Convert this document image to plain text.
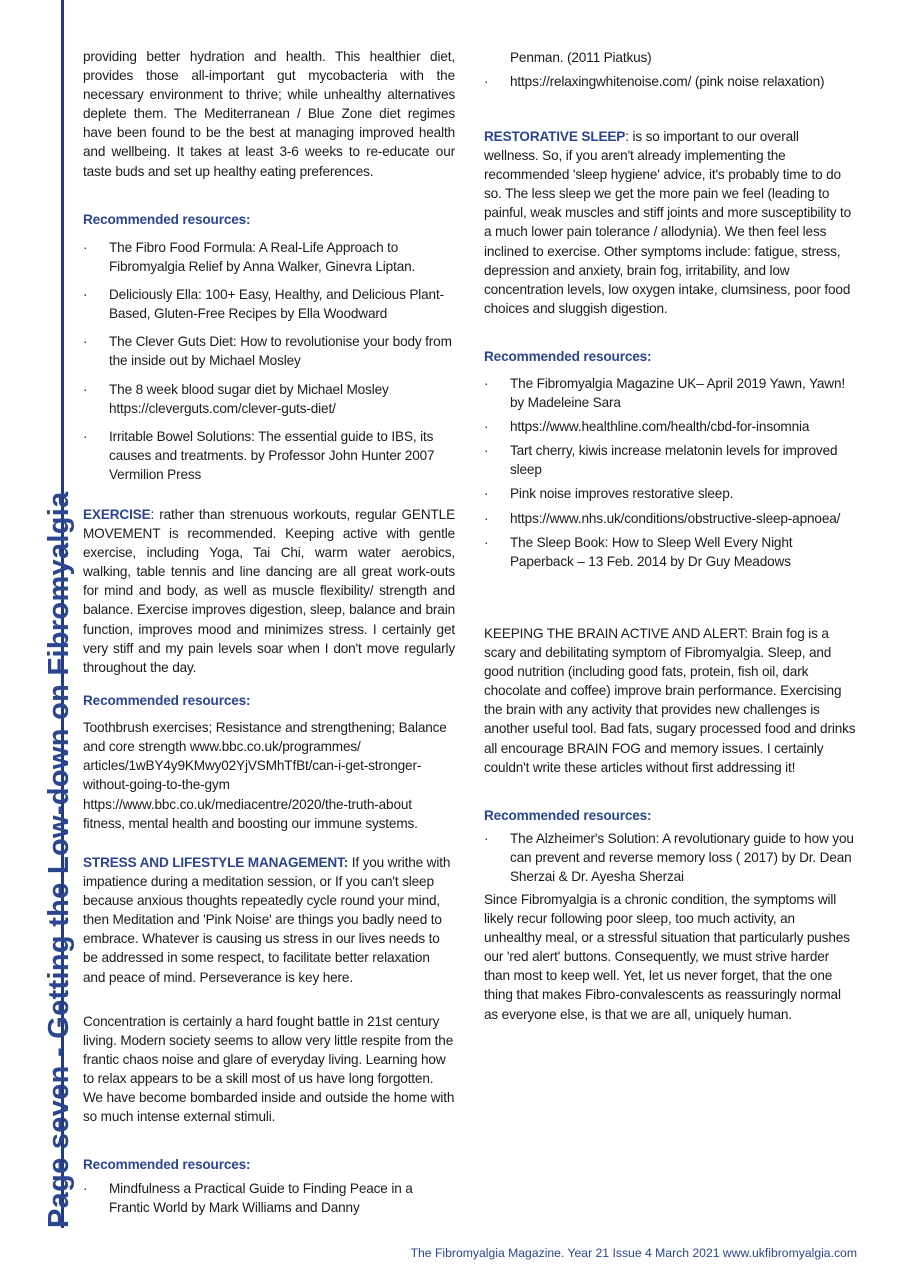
Page seven - Getting the Low-down on Fibromyalgia

providing better hydration and health. This healthier diet, provides those all-important gut mycobacteria with the necessary environment to thrive; while unhealthy alternatives deplete them. The Mediterranean / Blue Zone diet regimes have been found to be the best at managing improved health and wellbeing. It takes at least 3-6 weeks to re-educate our taste buds and set up healthy eating preferences.

Recommended resources:
· The Fibro Food Formula: A Real-Life Approach to Fibromyalgia Relief by Anna Walker, Ginevra Liptan.
· Deliciously Ella: 100+ Easy, Healthy, and Delicious Plant-Based, Gluten-Free Recipes by Ella Woodward
· The Clever Guts Diet: How to revolutionise your body from the inside out by Michael Mosley
· The 8 week blood sugar diet by Michael Mosley https://cleverguts.com/clever-guts-diet/
· Irritable Bowel Solutions: The essential guide to IBS, its causes and treatments. by Professor John Hunter 2007 Vermilion Press

EXERCISE: rather than strenuous workouts, regular GENTLE MOVEMENT is recommended. Keeping active with gentle exercise, including Yoga, Tai Chi, warm water aerobics, walking, table tennis and line dancing are all great work-outs for mind and body, as well as muscle flexibility/ strength and balance. Exercise improves digestion, sleep, balance and brain function, improves mood and minimizes stress. I certainly get very stiff and my pain levels soar when I don't move regularly throughout the day.

Recommended resources:

Toothbrush exercises; Resistance and strengthening; Balance and core strength www.bbc.co.uk/programmes/ articles/1wBY4y9KMwy02YjVSMhTfBt/can-i-get-stronger-without-going-to-the-gym

https://www.bbc.co.uk/mediacentre/2020/the-truth-about fitness, mental health and boosting our immune systems.

STRESS AND LIFESTYLE MANAGEMENT: If you writhe with impatience during a meditation session, or If you can't sleep because anxious thoughts repeatedly cycle round your mind, then Meditation and 'Pink Noise' are things you badly need to embrace. Whatever is causing us stress in our lives needs to be addressed in some respect, to facilitate better relaxation and peace of mind. Perseverance is key here.

Concentration is certainly a hard fought battle in 21st century living. Modern society seems to allow very little respite from the frantic chaos noise and glare of everyday living. Learning how to relax appears to be a skill most of us have long forgotten. We have become bombarded inside and outside the home with so much intense external stimuli.

Recommended resources:
· Mindfulness a Practical Guide to Finding Peace in a Frantic World by Mark Williams and Danny
Penman. (2011 Piatkus)
· https://relaxingwhitenoise.com/ (pink noise relaxation)

RESTORATIVE SLEEP: is so important to our overall wellness. So, if you aren't already implementing the recommended 'sleep hygiene' advice, it's probably time to do so. The less sleep we get the more pain we feel (leading to painful, weak muscles and stiff joints and more susceptibility to a much lower pain tolerance / allodynia). We then feel less inclined to exercise. Other symptoms include: fatigue, stress, depression and anxiety, brain fog, irritability, and low concentration levels, low oxygen intake, clumsiness, poor food choices and sluggish digestion.

Recommended resources:
· The Fibromyalgia Magazine UK– April 2019 Yawn, Yawn! by Madeleine Sara
· https://www.healthline.com/health/cbd-for-insomnia
· Tart cherry, kiwis increase melatonin levels for improved sleep
· Pink noise improves restorative sleep.
· https://www.nhs.uk/conditions/obstructive-sleep-apnoea/
· The Sleep Book: How to Sleep Well Every Night Paperback – 13 Feb. 2014 by Dr Guy Meadows

KEEPING THE BRAIN ACTIVE AND ALERT: Brain fog is a scary and debilitating symptom of Fibromyalgia. Sleep, and good nutrition (including good fats, protein, fish oil, dark chocolate and coffee) improve brain performance. Exercising the brain with any activity that provides new challenges is another useful tool. Bad fats, sugary processed food and drinks all encourage BRAIN FOG and memory issues. I certainly couldn't write these articles without first addressing it!

Recommended resources:
· The Alzheimer's Solution: A revolutionary guide to how you can prevent and reverse memory loss ( 2017) by Dr. Dean Sherzai & Dr. Ayesha Sherzai

Since Fibromyalgia is a chronic condition, the symptoms will likely recur following poor sleep, too much activity, an unhealthy meal, or a stressful situation that particularly pushes our 'red alert' buttons. Consequently, we must strive harder than most to keep well. Yet, let us never forget, that the one thing that makes Fibro-convalescents as reassuringly normal as everyone else, is that we are all, uniquely human.

The Fibromyalgia Magazine. Year 21 Issue 4 March 2021 www.ukfibromyalgia.com
